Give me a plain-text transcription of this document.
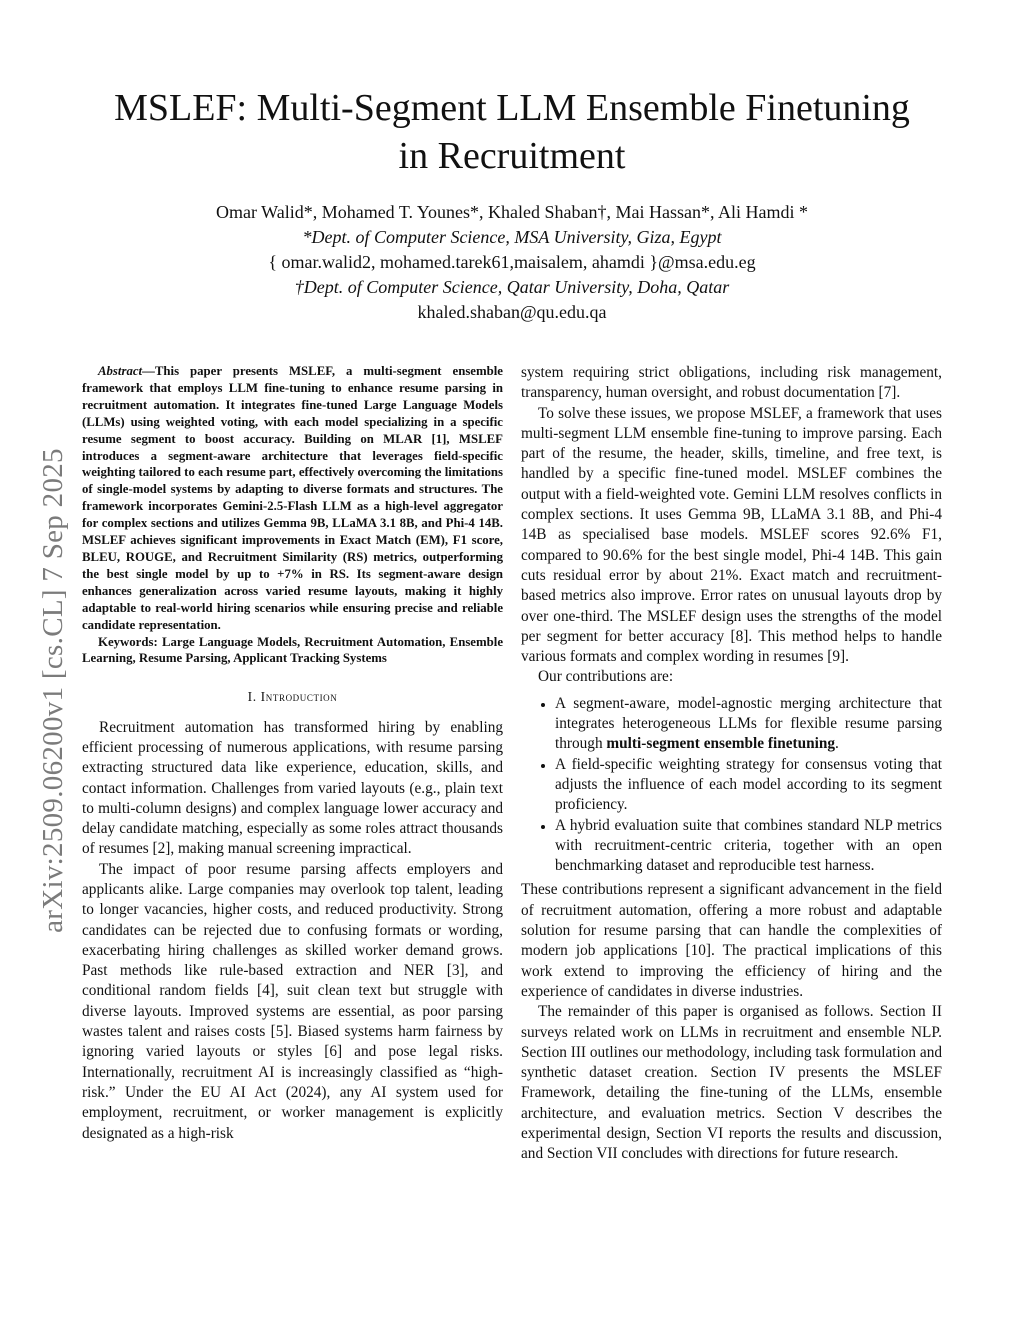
arXiv:2509.06200v1 [cs.CL] 7 Sep 2025
MSLEF: Multi-Segment LLM Ensemble Finetuning
in Recruitment
Omar Walid*, Mohamed T. Younes*, Khaled Shaban†, Mai Hassan*, Ali Hamdi *
*Dept. of Computer Science, MSA University, Giza, Egypt
{ omar.walid2, mohamed.tarek61,maisalem, ahamdi }@msa.edu.eg
†Dept. of Computer Science, Qatar University, Doha, Qatar
khaled.shaban@qu.edu.qa

Abstract—This paper presents MSLEF, a multi-segment ensemble framework that employs LLM fine-tuning to enhance resume parsing in recruitment automation. It integrates fine-tuned Large Language Models (LLMs) using weighted voting, with each model specializing in a specific resume segment to boost accuracy. Building on MLAR [1], MSLEF introduces a segment-aware architecture that leverages field-specific weighting tailored to each resume part, effectively overcoming the limitations of single-model systems by adapting to diverse formats and structures. The framework incorporates Gemini-2.5-Flash LLM as a high-level aggregator for complex sections and utilizes Gemma 9B, LLaMA 3.1 8B, and Phi-4 14B. MSLEF achieves significant improvements in Exact Match (EM), F1 score, BLEU, ROUGE, and Recruitment Similarity (RS) metrics, outperforming the best single model by up to +7% in RS. Its segment-aware design enhances generalization across varied resume layouts, making it highly adaptable to real-world hiring scenarios while ensuring precise and reliable candidate representation.

Keywords: Large Language Models, Recruitment Automation, Ensemble Learning, Resume Parsing, Applicant Tracking Systems

I. Introduction

Recruitment automation has transformed hiring by enabling efficient processing of numerous applications, with resume parsing extracting structured data like experience, education, skills, and contact information. Challenges from varied layouts (e.g., plain text to multi-column designs) and complex language lower accuracy and delay candidate matching, especially as some roles attract thousands of resumes [2], making manual screening impractical.

The impact of poor resume parsing affects employers and applicants alike. Large companies may overlook top talent, leading to longer vacancies, higher costs, and reduced productivity. Strong candidates can be rejected due to confusing formats or wording, exacerbating hiring challenges as skilled worker demand grows. Past methods like rule-based extraction and NER [3], and conditional random fields [4], suit clean text but struggle with diverse layouts. Improved systems are essential, as poor parsing wastes talent and raises costs [5]. Biased systems harm fairness by ignoring varied layouts or styles [6] and pose legal risks. Internationally, recruitment AI is increasingly classified as “high-risk.” Under the EU AI Act (2024), any AI system used for employment, recruitment, or worker management is explicitly designated as a high-risk

system requiring strict obligations, including risk management, transparency, human oversight, and robust documentation [7].

To solve these issues, we propose MSLEF, a framework that uses multi-segment LLM ensemble fine-tuning to improve parsing. Each part of the resume, the header, skills, timeline, and free text, is handled by a specific fine-tuned model. MSLEF combines the output with a field-weighted vote. Gemini LLM resolves conflicts in complex sections. It uses Gemma 9B, LLaMA 3.1 8B, and Phi-4 14B as specialised base models. MSLEF scores 92.6% F1, compared to 90.6% for the best single model, Phi-4 14B. This gain cuts residual error by about 21%. Exact match and recruitment-based metrics also improve. Error rates on unusual layouts drop by over one-third. The MSLEF design uses the strengths of the model per segment for better accuracy [8]. This method helps to handle various formats and complex wording in resumes [9].

Our contributions are:

• A segment-aware, model-agnostic merging architecture that integrates heterogeneous LLMs for flexible resume parsing through multi-segment ensemble finetuning.
• A field-specific weighting strategy for consensus voting that adjusts the influence of each model according to its segment proficiency.
• A hybrid evaluation suite that combines standard NLP metrics with recruitment-centric criteria, together with an open benchmarking dataset and reproducible test harness.

These contributions represent a significant advancement in the field of recruitment automation, offering a more robust and adaptable solution for resume parsing that can handle the complexities of modern job applications [10]. The practical implications of this work extend to improving the efficiency of hiring and the experience of candidates in diverse industries.

The remainder of this paper is organised as follows. Section II surveys related work on LLMs in recruitment and ensemble NLP. Section III outlines our methodology, including task formulation and synthetic dataset creation. Section IV presents the MSLEF Framework, detailing the fine-tuning of the LLMs, ensemble architecture, and evaluation metrics. Section V describes the experimental design, Section VI reports the results and discussion, and Section VII concludes with directions for future research.
